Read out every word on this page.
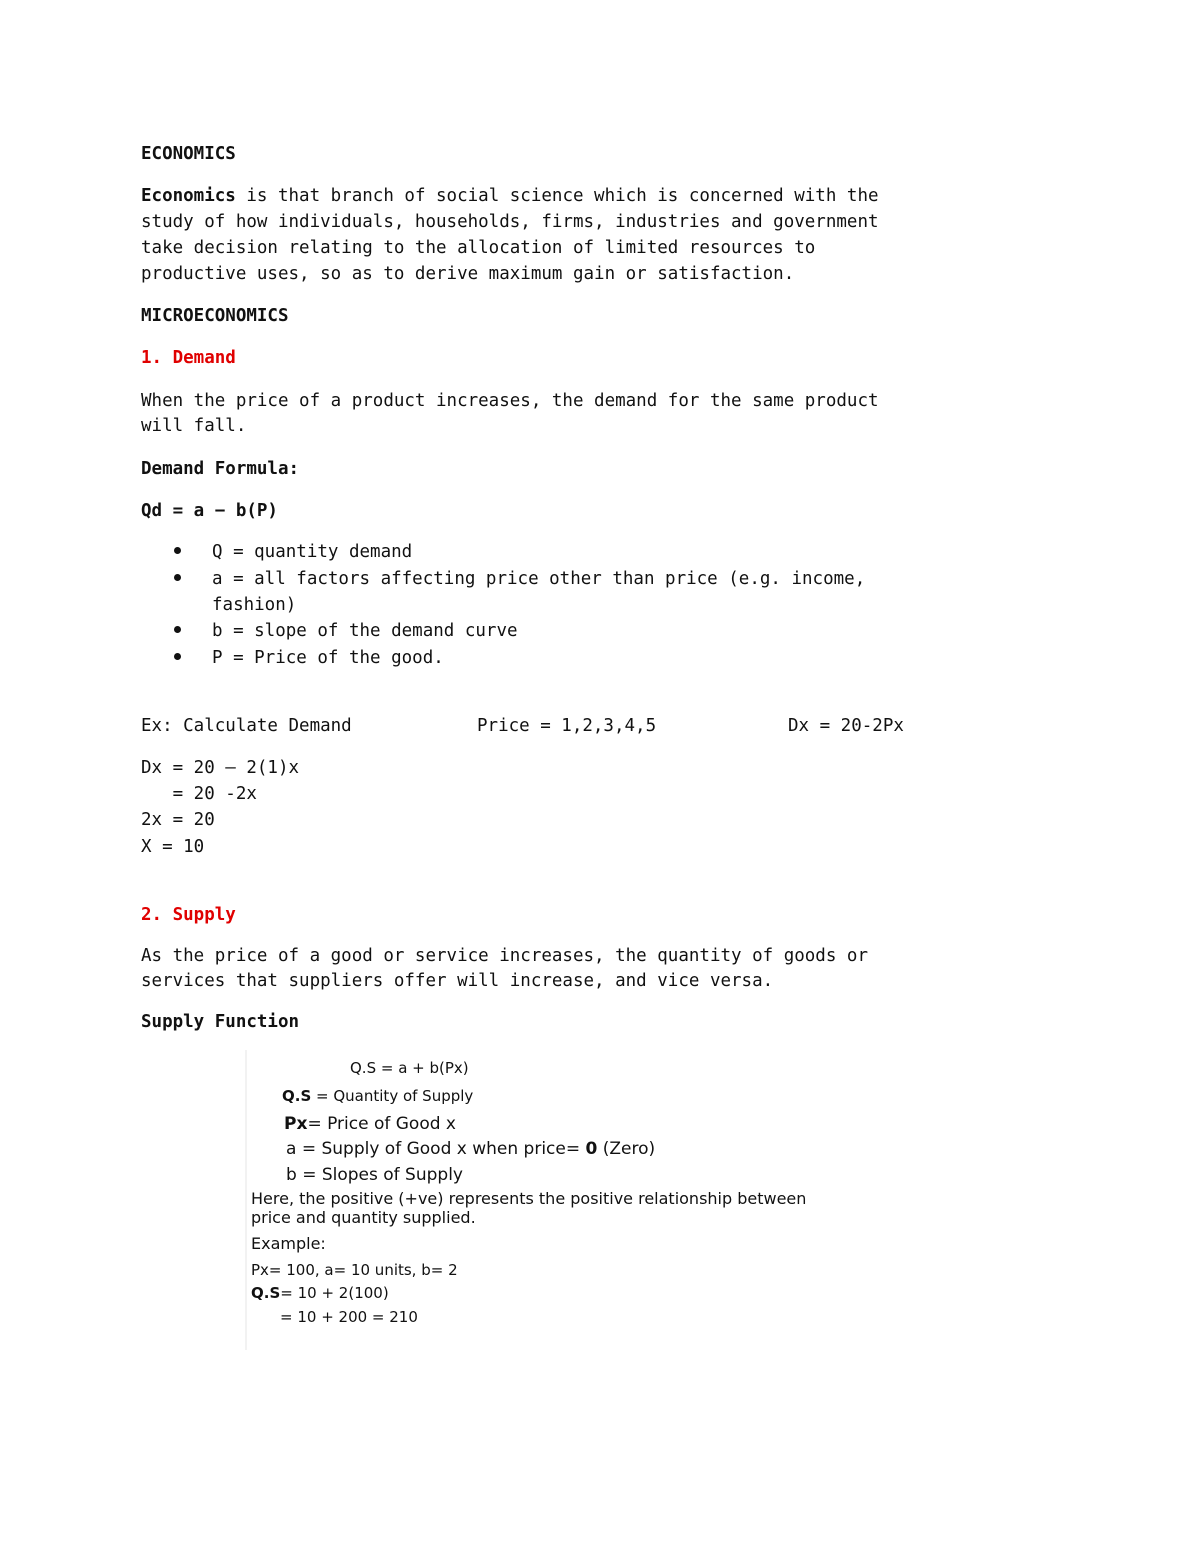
ECONOMICS
Economics is that branch of social science which is concerned with the
study of how individuals, households, firms, industries and government
take decision relating to the allocation of limited resources to
productive uses, so as to derive maximum gain or satisfaction.
MICROECONOMICS
1. Demand
When the price of a product increases, the demand for the same product
will fall.
Demand Formula:
Qd = a − b(P)
Q = quantity demand
a = all factors affecting price other than price (e.g. income,
fashion)
b = slope of the demand curve
P = Price of the good.
Ex: Calculate Demand	Price = 1,2,3,4,5	Dx = 20-2Px
Dx = 20 – 2(1)x
= 20 -2x
2x = 20
X = 10
2. Supply
As the price of a good or service increases, the quantity of goods or
services that suppliers offer will increase, and vice versa.
Supply Function
Q.S = a + b(Px)
Q.S = Quantity of Supply
Px= Price of Good x
a = Supply of Good x when price= 0 (Zero)
b = Slopes of Supply
Here, the positive (+ve) represents the positive relationship between
price and quantity supplied.
Example:
Px= 100, a= 10 units, b= 2
Q.S= 10 + 2(100)
= 10 + 200 = 210
